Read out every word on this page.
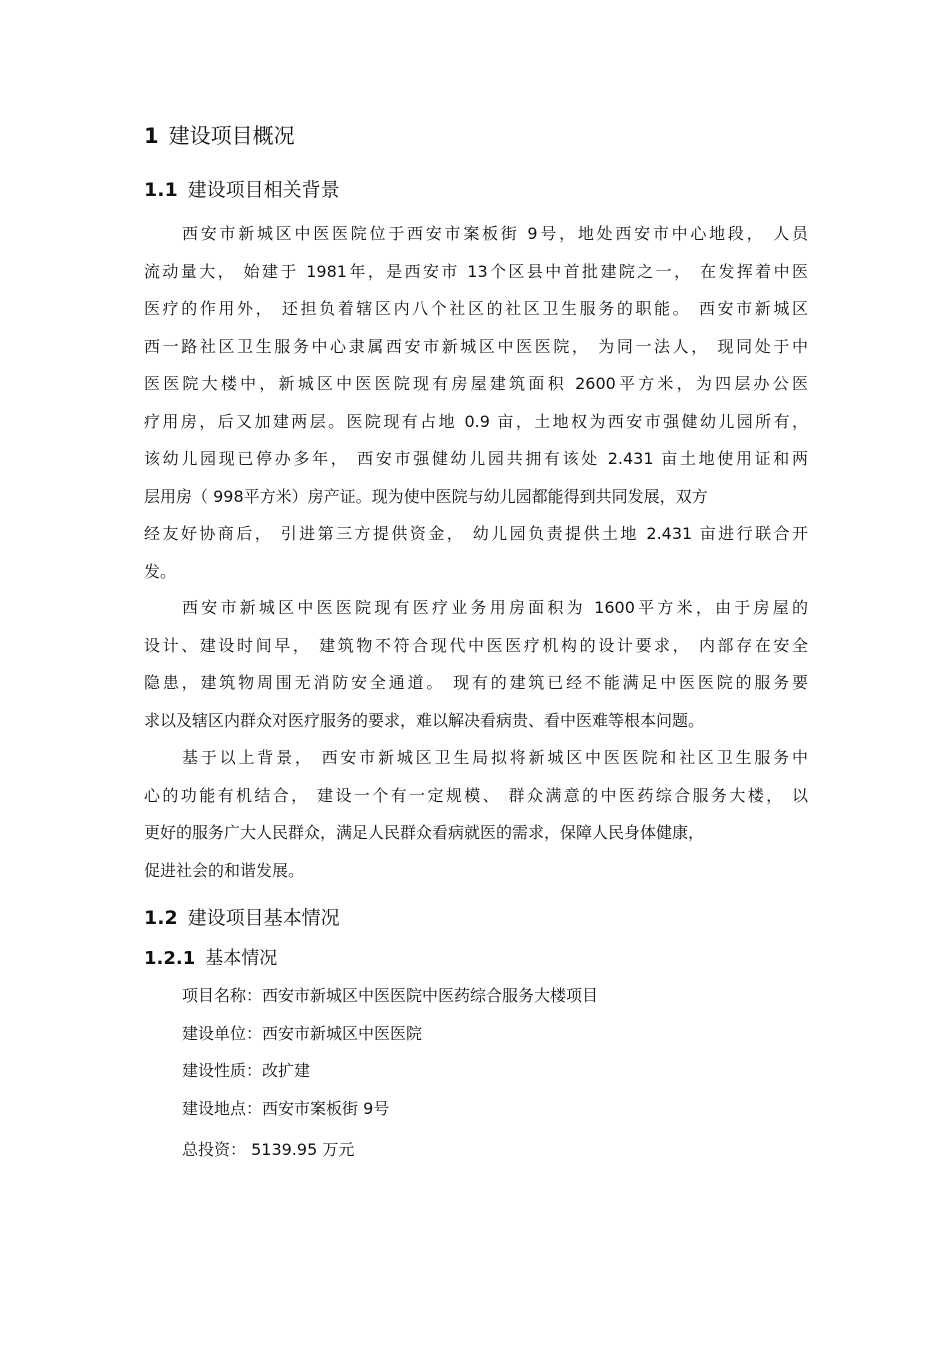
1 建设项目概况
1.1 建设项目相关背景
西安市新城区中医医院位于西安市案板街 9号，地处西安市中心地段， 人员
流动量大， 始建于 1981年，是西安市 13个区县中首批建院之一， 在发挥着中医
医疗的作用外， 还担负着辖区内八个社区的社区卫生服务的职能。 西安市新城区
西一路社区卫生服务中心隶属西安市新城区中医医院， 为同一法人， 现同处于中
医医院大楼中，新城区中医医院现有房屋建筑面积 2600平方米，为四层办公医
疗用房，后又加建两层。医院现有占地 0.9 亩，土地权为西安市强健幼儿园所有，
该幼儿园现已停办多年， 西安市强健幼儿园共拥有该处 2.431 亩土地使用证和两
层用房（ 998平方米）房产证。现为使中医院与幼儿园都能得到共同发展，双方
经友好协商后， 引进第三方提供资金， 幼儿园负责提供土地 2.431 亩进行联合开
发。
西安市新城区中医医院现有医疗业务用房面积为 1600平方米，由于房屋的
设计、建设时间早， 建筑物不符合现代中医医疗机构的设计要求， 内部存在安全
隐患，建筑物周围无消防安全通道。 现有的建筑已经不能满足中医医院的服务要
求以及辖区内群众对医疗服务的要求，难以解决看病贵、看中医难等根本问题。
基于以上背景， 西安市新城区卫生局拟将新城区中医医院和社区卫生服务中
心的功能有机结合， 建设一个有一定规模、 群众满意的中医药综合服务大楼， 以
更好的服务广大人民群众，满足人民群众看病就医的需求，保障人民身体健康，
促进社会的和谐发展。
1.2 建设项目基本情况
1.2.1 基本情况
项目名称：西安市新城区中医医院中医药综合服务大楼项目
建设单位：西安市新城区中医医院
建设性质：改扩建
建设地点：西安市案板街 9号
总投资： 5139.95 万元
